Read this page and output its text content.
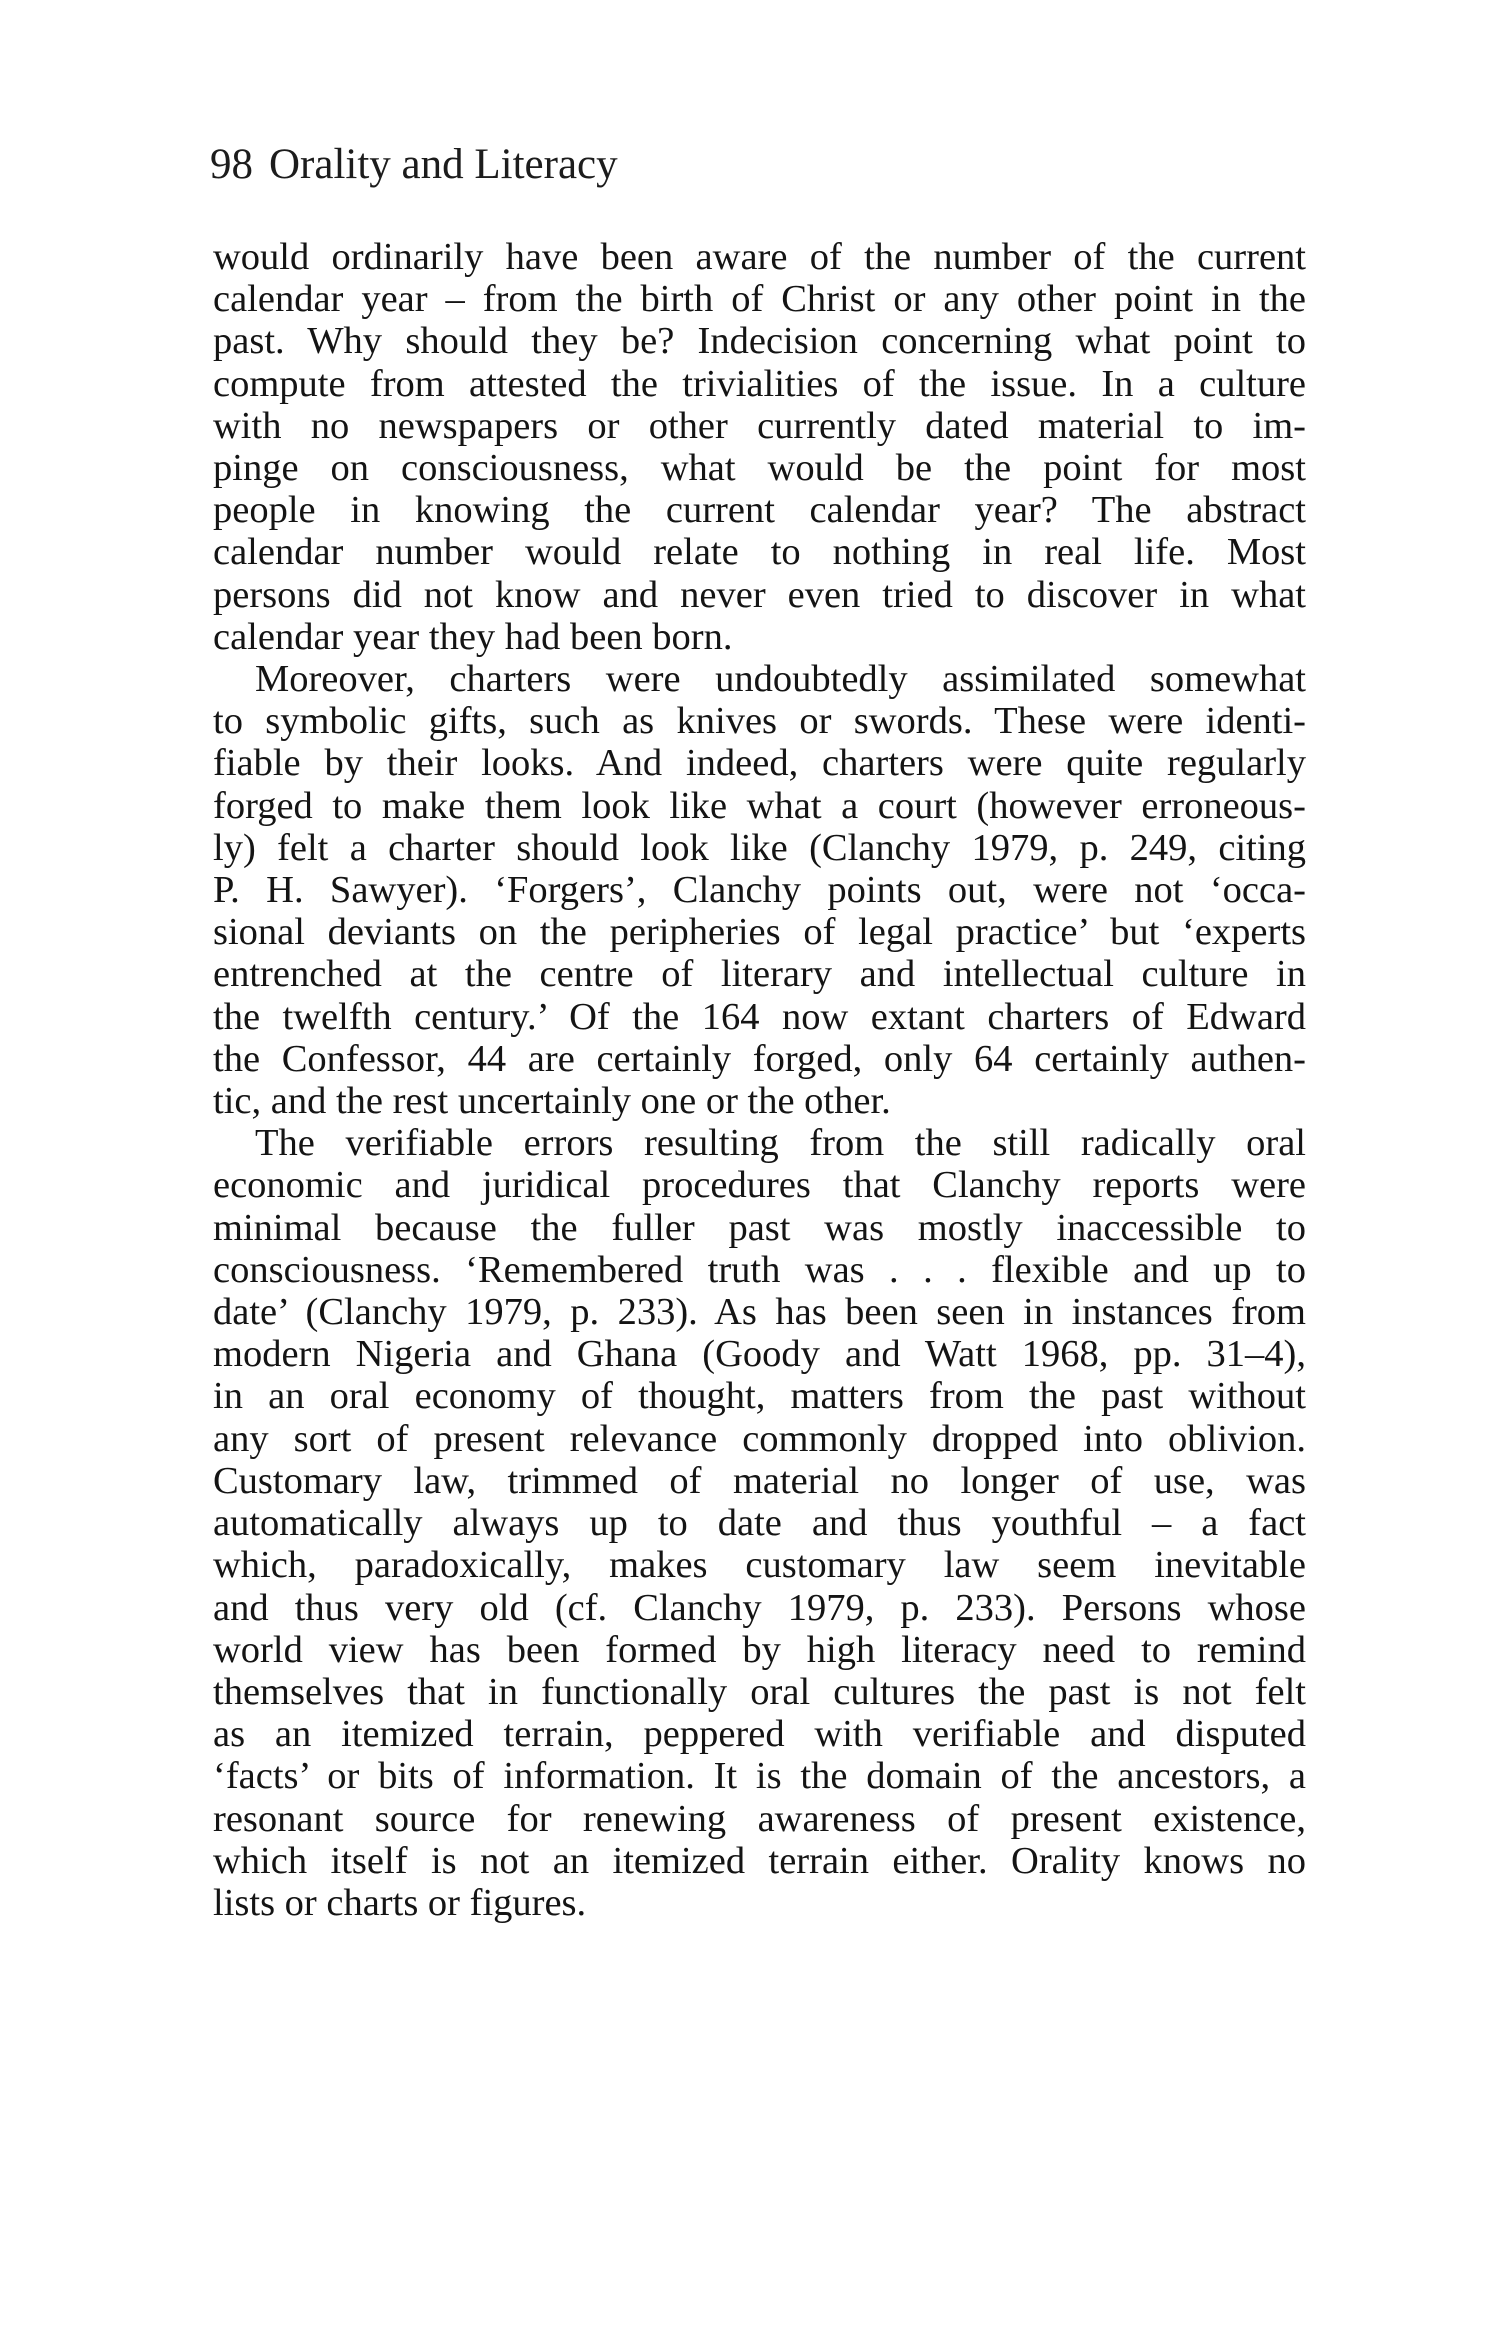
98 Orality and Literacy
would ordinarily have been aware of the number of the current
calendar year – from the birth of Christ or any other point in the
past. Why should they be? Indecision concerning what point to
compute from attested the trivialities of the issue. In a culture
with no newspapers or other currently dated material to im-
pinge on consciousness, what would be the point for most
people in knowing the current calendar year? The abstract
calendar number would relate to nothing in real life. Most
persons did not know and never even tried to discover in what
calendar year they had been born.
Moreover, charters were undoubtedly assimilated somewhat
to symbolic gifts, such as knives or swords. These were identi-
fiable by their looks. And indeed, charters were quite regularly
forged to make them look like what a court (however erroneous-
ly) felt a charter should look like (Clanchy 1979, p. 249, citing
P. H. Sawyer). ‘Forgers’, Clanchy points out, were not ‘occa-
sional deviants on the peripheries of legal practice’ but ‘experts
entrenched at the centre of literary and intellectual culture in
the twelfth century.’ Of the 164 now extant charters of Edward
the Confessor, 44 are certainly forged, only 64 certainly authen-
tic, and the rest uncertainly one or the other.
The verifiable errors resulting from the still radically oral
economic and juridical procedures that Clanchy reports were
minimal because the fuller past was mostly inaccessible to
consciousness. ‘Remembered truth was . . . flexible and up to
date’ (Clanchy 1979, p. 233). As has been seen in instances from
modern Nigeria and Ghana (Goody and Watt 1968, pp. 31–4),
in an oral economy of thought, matters from the past without
any sort of present relevance commonly dropped into oblivion.
Customary law, trimmed of material no longer of use, was
automatically always up to date and thus youthful – a fact
which, paradoxically, makes customary law seem inevitable
and thus very old (cf. Clanchy 1979, p. 233). Persons whose
world view has been formed by high literacy need to remind
themselves that in functionally oral cultures the past is not felt
as an itemized terrain, peppered with verifiable and disputed
‘facts’ or bits of information. It is the domain of the ancestors, a
resonant source for renewing awareness of present existence,
which itself is not an itemized terrain either. Orality knows no
lists or charts or figures.
